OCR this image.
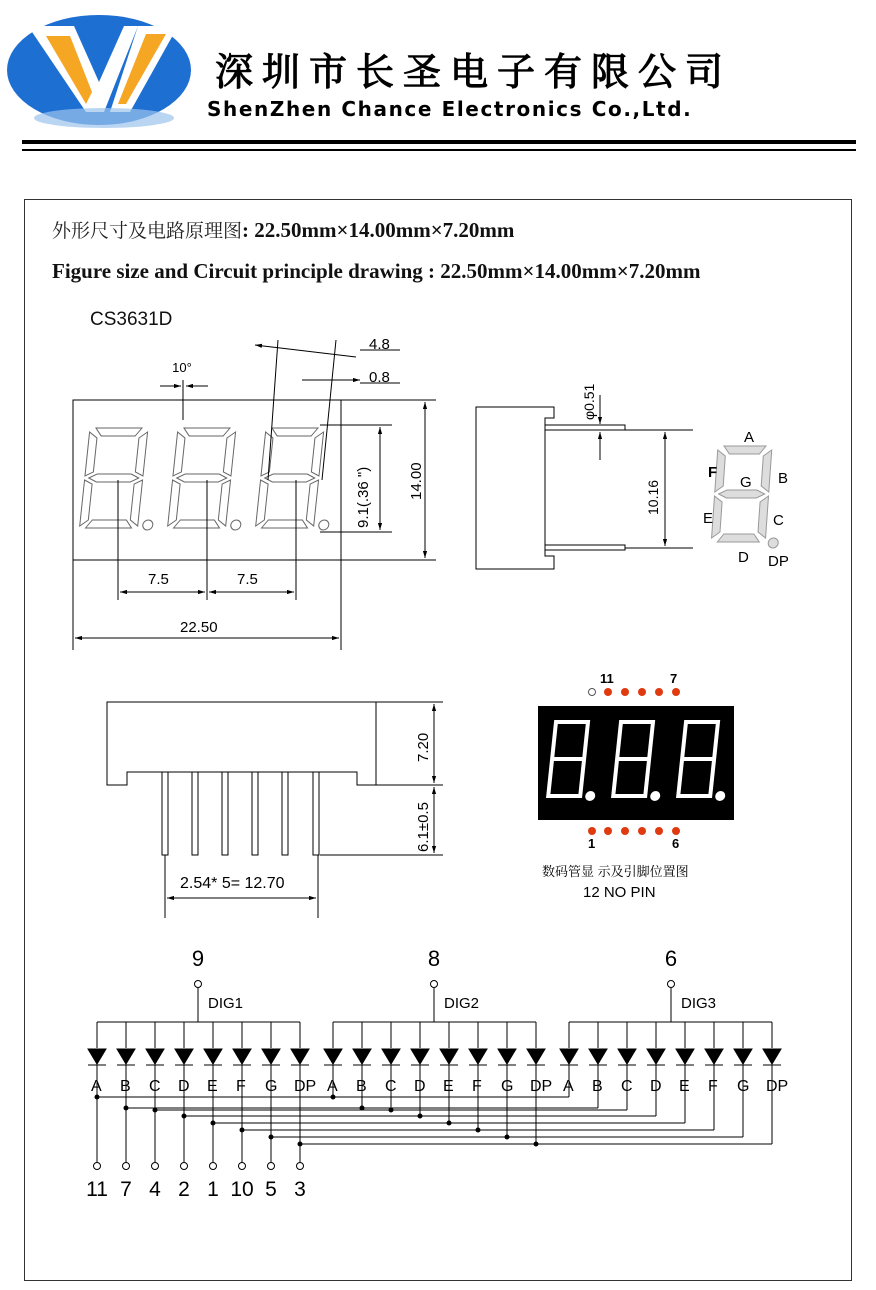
深圳市长圣电子有限公司
ShenZhen Chance Electronics Co.,Ltd.
外形尺寸及电路原理图: 22.50mm×14.00mm×7.20mm
Figure size and Circuit principle drawing : 22.50mm×14.00mm×7.20mm
CS3631D
10°
4.8
0.8
9.1(.36 ") 14.00
7.5	7.5
22.50
φ0.51
10.16
A
B
C
D
E
F
G
DP
7.20
6.1±0.5
2.54* 5= 12.70
11	7
1	6
数码管显 示及引脚位置图
12 NO PIN
9
DIG1
A B C D E F G DP
8
DIG2
A B C D E F G DP
6
DIG3
A B C D E F G DP
11 7 4 2 1 10 5 3
